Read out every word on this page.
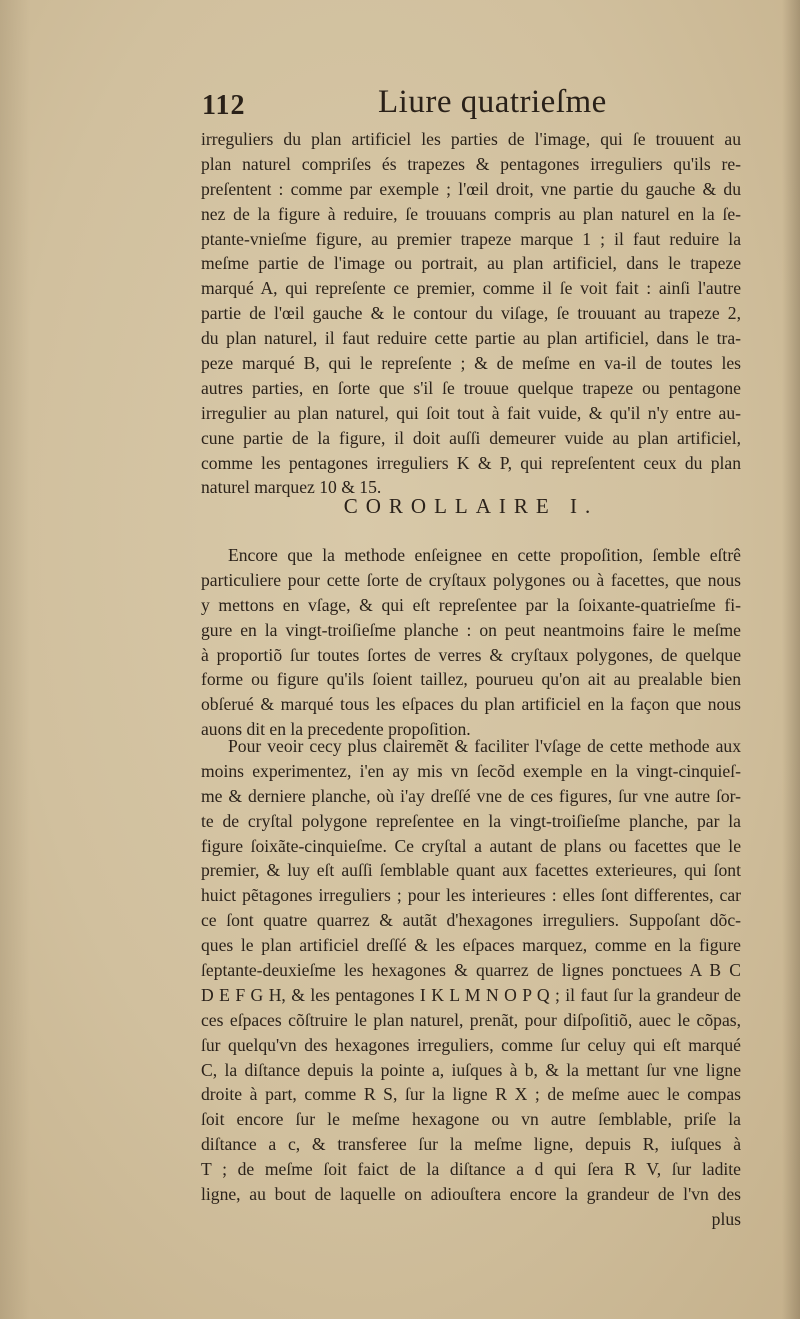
112	Liure quatrieſme
irreguliers du plan artificiel les parties de l'image, qui ſe trouuent au
plan naturel compriſes és trapezes & pentagones irreguliers qu'ils re-
preſentent : comme par exemple ; l'œil droit, vne partie du gauche & du
nez de la figure à reduire, ſe trouuans compris au plan naturel en la ſe-
ptante-vnieſme figure, au premier trapeze marque 1 ; il faut reduire la
meſme partie de l'image ou portrait, au plan artificiel, dans le trapeze
marqué A, qui repreſente ce premier, comme il ſe voit fait : ainſi l'autre
partie de l'œil gauche & le contour du viſage, ſe trouuant au trapeze 2,
du plan naturel, il faut reduire cette partie au plan artificiel, dans le tra-
peze marqué B, qui le repreſente ; & de meſme en va-il de toutes les
autres parties, en ſorte que s'il ſe trouue quelque trapeze ou pentagone
irregulier au plan naturel, qui ſoit tout à fait vuide, & qu'il n'y entre au-
cune partie de la figure, il doit auſſi demeurer vuide au plan artificiel,
comme les pentagones irreguliers K & P, qui repreſentent ceux du plan
naturel marquez 10 & 15.
COROLLAIRE I.
Encore que la methode enſeignee en cette propoſition, ſemble eſtrê
particuliere pour cette ſorte de cryſtaux polygones ou à facettes, que nous
y mettons en vſage, & qui eſt repreſentee par la ſoixante-quatrieſme fi-
gure en la vingt-troiſieſme planche : on peut neantmoins faire le meſme
à proportiõ ſur toutes ſortes de verres & cryſtaux polygones, de quelque
forme ou figure qu'ils ſoient taillez, pourueu qu'on ait au prealable bien
obſerué & marqué tous les eſpaces du plan artificiel en la façon que nous
auons dit en la precedente propoſition.
Pour veoir cecy plus clairemẽt & faciliter l'vſage de cette methode aux
moins experimentez, i'en ay mis vn ſecõd exemple en la vingt-cinquieſ-
me & derniere planche, où i'ay dreſſé vne de ces figures, ſur vne autre ſor-
te de cryſtal polygone repreſentee en la vingt-troiſieſme planche, par la
figure ſoixãte-cinquieſme. Ce cryſtal a autant de plans ou facettes que le
premier, & luy eſt auſſi ſemblable quant aux facettes exterieures, qui ſont
huict pẽtagones irreguliers ; pour les interieures : elles ſont differentes, car
ce ſont quatre quarrez & autãt d'hexagones irreguliers. Suppoſant dõc-
ques le plan artificiel dreſſé & les eſpaces marquez, comme en la figure
ſeptante-deuxieſme les hexagones & quarrez de lignes ponctuees A B C
D E F G H, & les pentagones I K L M N O P Q ; il faut ſur la grandeur de
ces eſpaces cõſtruire le plan naturel, prenãt, pour diſpoſitiõ, auec le cõpas,
ſur quelqu'vn des hexagones irreguliers, comme ſur celuy qui eſt marqué
C, la diſtance depuis la pointe a, iuſques à b, & la mettant ſur vne ligne
droite à part, comme R S, ſur la ligne R X ; de meſme auec le compas
ſoit encore ſur le meſme hexagone ou vn autre ſemblable, priſe la
diſtance a c, & transferee ſur la meſme ligne, depuis R, iuſques à
T ; de meſme ſoit faict de la diſtance a d qui ſera R V, ſur ladite
ligne, au bout de laquelle on adiouſtera encore la grandeur de l'vn des
plus
